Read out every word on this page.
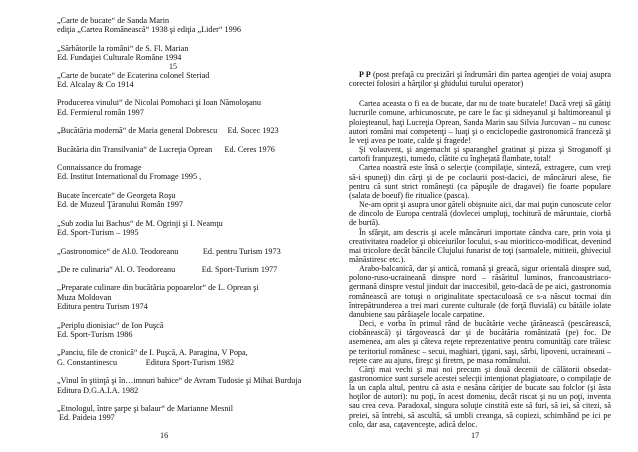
„Carte de bucate“ de Sanda Marin
ediţia „Cartea Românească“ 1938 şi ediţia „Lider“ 1996
„Sărbătorile la români“ de S. Fl. Marian
Ed. Fundaţiei Culturale Române 1994
15
„Carte de bucate“ de Ecaterina colonel Steriad
Ed. Alcalay & Co 1914
Producerea vinului“ de Nicolai Pomohaci şi Ioan Nămoloşanu
Ed. Fermierul român 1997
„Bucătăria modernă“ de Maria general Dobrescu     Ed. Socec 1923
Bucătăria din Transilvania“ de Lucreţia Oprean      Ed. Ceres 1976
Connaissance du fromage
Ed. Institut International du Fromage 1995 ,
Bucate încercate“ de Georgeta Roşu
Ed. de Muzeul Ţăranului Român 1997
„Sub zodia lui Bachus“ de M. Ogrinji şi I. Neamţu
Ed. Sport-Turism – 1995
„Gastronomice“ de Al.0. Teodoreanu            Ed. pentru Turism 1973
„De re culinaria“ Al. O. Teodoreanu             Ed. Sport-Turism 1977
,,Preparate culinare din bucătăria popoarelor“ de L. Oprean şi
Muza Moldovan
Editura pentru Turism 1974
„Periplu dionisiac“ de Ion Puşcă
Ed. Sport-Turism 1986
„Panciu, file de cronică“ de I. Puşcă, A. Paragina, V Popa,
G. Constantinescu              Editura Sport-Turism 1982
„Vinul în ştiinţă şi în…imnuri bahice“ de Avram Tudosie şi Mihai Burduja
Editura D.G.A.I.A. 1982
„Etnologul, între şarpe şi balaur“ de Marianne Mesnil
Ed. Paideia 1997
16

P P (post prefaţă cu precizări şi îndrumări din partea agenţiei de voiaj asupra corectei folosiri a hărţilor şi ghidului turului operator)

Cartea aceasta o fi ea de bucate, dar nu de toate bucatele! Dacă vreţi să gătiţi lucrurile comune, arhicunoscute, pe care le fac şi sidneyanul şi baltimoreanul şi ploieşteanul, haţi Lucreţia Oprean, Sanda Marin sau Silvia Jurcovan – nu cunosc autori români mai competenţi – luaţi şi o enciclopedie gastronomică franceză şi le veţi avea pe toate, calde şi fragede!

Şi volauvent, şi angemacht şi sparanghel gratinat şi pizza şi Stroganoff şi cartofi franţuzeşti, tumedo, clătite cu îngheţată flambate, total!

Cartea noastră este însă o selecţie (compilaţie, sinteză, extragere, cum vreţi să-i spuneţi) din cărţi şi de pe coclaurii post-dacici, de mâncăruri alese, fie pentru că sunt strict româneşti (ca păpuşile de dragavei) fie foarte populare (salata de boeuf) fie ritualice (pasca).

Ne-am oprit şi asupra unor găteli obişnuite aici, dar mai puţin cunoscute celor de dincolo de Europa centrală (dovlecei umpluţi, tochitură de măruntaie, ciorbă de burtă).

În sfârşit, am descris şi acele mâncăruri importate cândva care, prin voia şi creativitatea roadelor şi obiceiurilor locului, s-au mioriticco-modificat, devenind mai tricolore decât băncile Clujului funarist de toţi (sarmalele, mititeii, ghiveciul mănăstiresc etc.).

Arabo-balcanică, dar şi antică, romană şi greacă, sigur orientală dinspre sud, polono-ruso-ucraineană dinspre nord – răsăritul luminos, francoaustriaco-germană dinspre vestul jinduit dar inaccesibil, geto-dacă de pe aici, gastronomia românească are totuşi o originalitate spectaculoasă ce s-a născut tocmai din întrepătrunderea a trei mari curente culturale (de forţă fluvială) cu bătăile iolate danubiene sau pârâiaşele locale carpatine.

Deci, e vorba în primul rând de bucătărie veche ţărănească (pescărească, ciobănească) şi târgovească dar şi de bucătăria românizată (pe) foc. De asemenea, am ales şi câteva reţete reprezentative pentru comunităţi care trăiesc pe teritoriul românesc – secui, maghiari, ţigani, saşi, sârbi, lipoveni, ucraineani – reţete care au ajuns, fireşc şi firetrn, pe masa românului.

Cărţi mai vechi şi mai noi precum şi două decenii de călătorii obsedat-gastronomice sunt sursele acestei selecţii intenţionat plagiatoare, o compilaţie de la un capla altul, pentru că asta e nesăna căriţier de bucate sau folclor (şi ăsta hoţilor de autori): nu poţi, în acest domeniu, decât riscat şi nu un poţi, inventa sau crea ceva. Paradoxal, singura soluţie cinstită este să furi, să iei, să citezi, să preiei, să întrebi, să ascultă, să umbli creanga, să copiezi, schimbând pe ici pe colo, dar asa, caţavenceşte, adică deloc.

17
